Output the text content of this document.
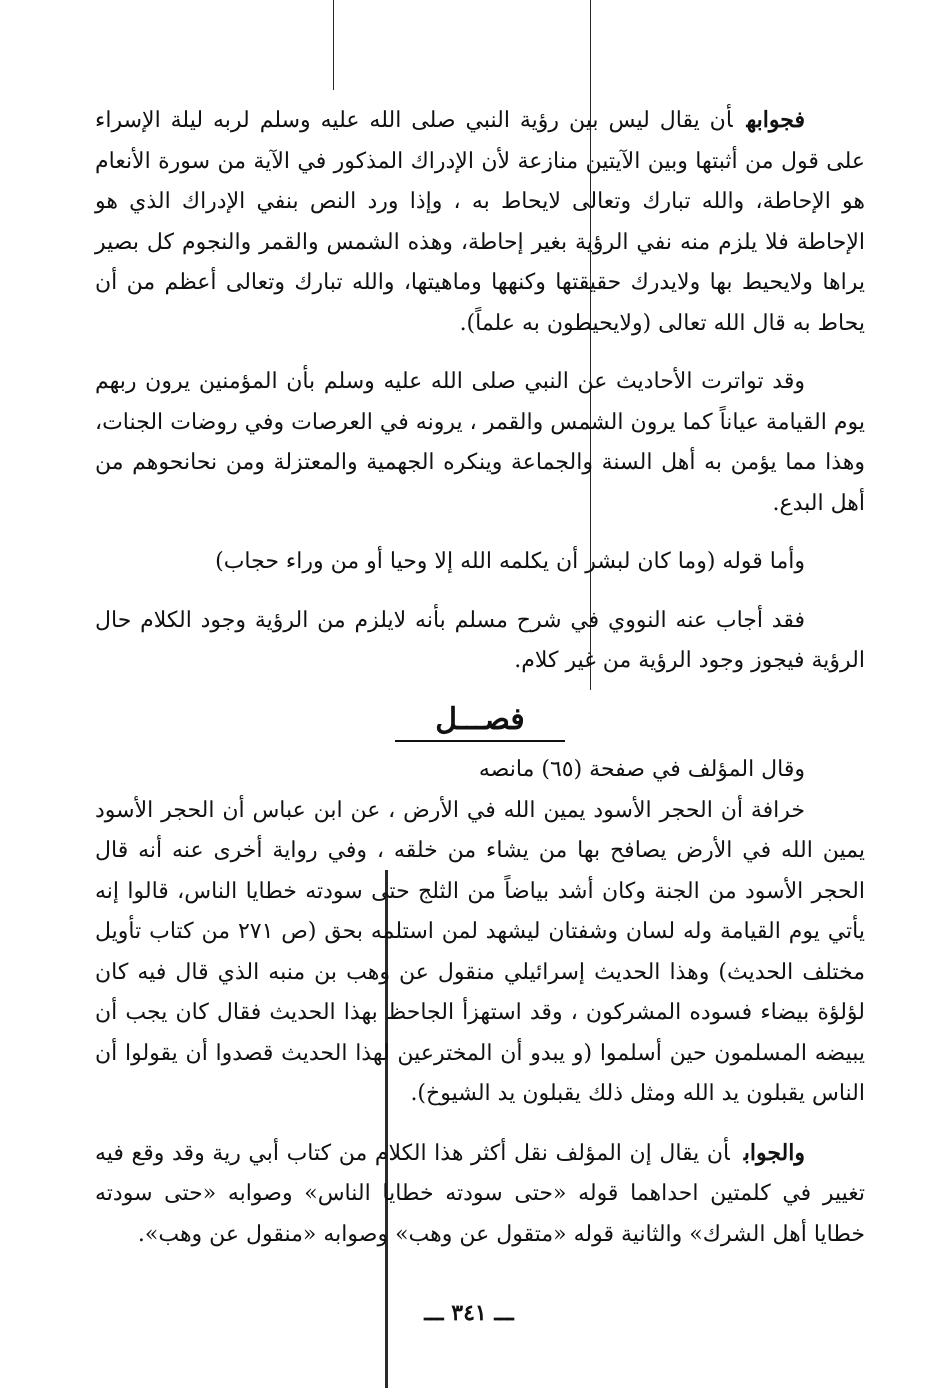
فجوابهأن يقال ليس بين رؤية النبي صلى الله عليه وسلم لربه ليلة الإسراء على قول من أثبتها وبين الآيتين منازعة لأن الإدراك المذكور في الآية من سورة الأنعام هو الإحاطة، والله تبارك وتعالى لايحاط به ، وإذا ورد النص بنفي الإدراك الذي هو الإحاطة فلا يلزم منه نفي الرؤية بغير إحاطة، وهذه الشمس والقمر والنجوم كل بصير يراها ولايحيط بها ولايدرك حقيقتها وكنهها وماهيتها، والله تبارك وتعالى أعظم من أن يحاط به قال الله تعالى (ولايحيطون به علماً).

وقد تواترت الأحاديث عن النبي صلى الله عليه وسلم بأن المؤمنين يرون ربهم يوم القيامة عياناً كما يرون الشمس والقمر ، يرونه في العرصات وفي روضات الجنات، وهذا مما يؤمن به أهل السنة والجماعة وينكره الجهمية والمعتزلة ومن نحانحوهم من أهل البدع.

وأما قوله (وما كان لبشر أن يكلمه الله إلا وحيا أو من وراء حجاب)

فقد أجاب عنه النووي في شرح مسلم بأنه لايلزم من الرؤية وجود الكلام حال الرؤية فيجوز وجود الرؤية من غير كلام.

فصـــل

وقال المؤلف في صفحة (٦٥) مانصه

خرافة أن الحجر الأسود يمين الله في الأرض ، عن ابن عباس أن الحجر الأسود يمين الله في الأرض يصافح بها من يشاء من خلقه ، وفي رواية أخرى عنه أنه قال الحجر الأسود من الجنة وكان أشد بياضاً من الثلج حتى سودته خطايا الناس، قالوا إنه يأتي يوم القيامة وله لسان وشفتان ليشهد لمن استلمه بحق (ص ٢٧١ من كتاب تأويل مختلف الحديث) وهذا الحديث إسرائيلي منقول عن وهب بن منبه الذي قال فيه كان لؤلؤة بيضاء فسوده المشركون ، وقد استهزأ الجاحظ بهذا الحديث فقال كان يجب أن يبيضه المسلمون حين أسلموا (و يبدو أن المخترعين لهذا الحديث قصدوا أن يقولوا أن الناس يقبلون يد الله ومثل ذلك يقبلون يد الشيوخ).

والجوابأن يقال إن المؤلف نقل أكثر هذا الكلام من كتاب أبي رية وقد وقع فيه تغيير في كلمتين احداهما قوله «حتى سودته خطايا الناس» وصوابه «حتى سودته خطايا أهل الشرك» والثانية قوله «متقول عن وهب» وصوابه «منقول عن وهب».

ـــ ٣٤١ ـــ
